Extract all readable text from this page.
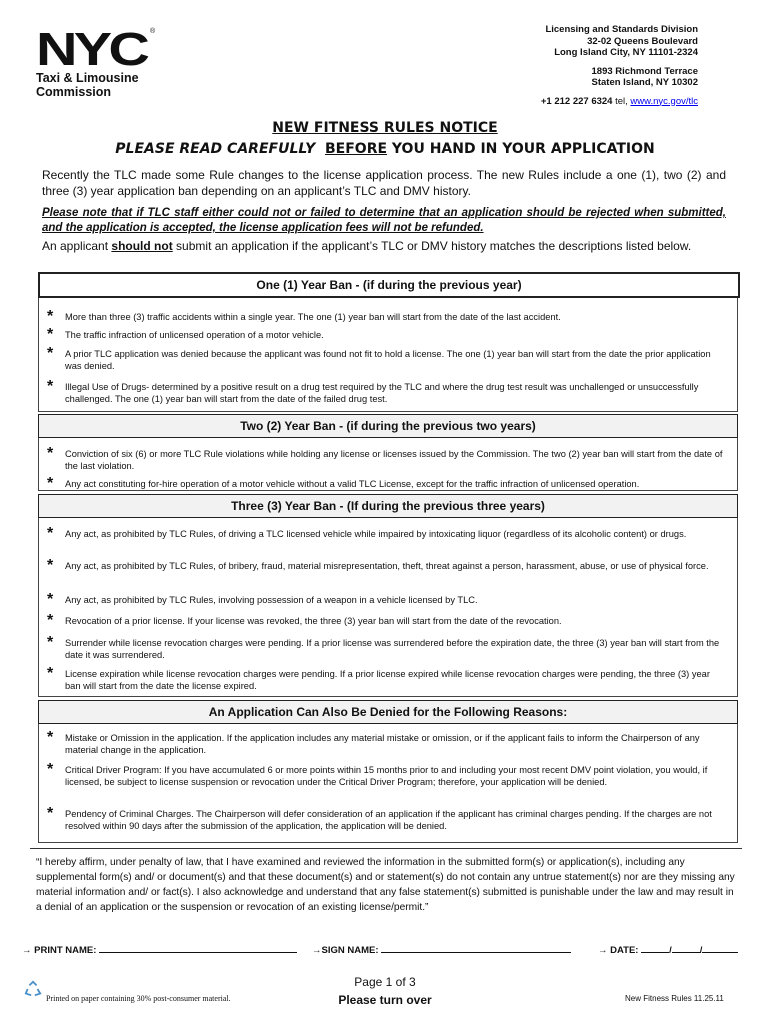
NYC ®
Taxi & Limousine
Commission
Licensing and Standards Division
32-02 Queens Boulevard
Long Island City, NY 11101-2324
1893 Richmond Terrace
Staten Island, NY 10302
+1 212 227 6324 tel, www.nyc.gov/tlc
NEW FITNESS RULES NOTICE
PLEASE READ CAREFULLY BEFORE YOU HAND IN YOUR APPLICATION
Recently the TLC made some Rule changes to the license application process. The new Rules include a one (1), two (2) and three (3) year application ban depending on an applicant’s TLC and DMV history.
Please note that if TLC staff either could not or failed to determine that an application should be rejected when submitted, and the application is accepted, the license application fees will not be refunded.
An applicant should not submit an application if the applicant’s TLC or DMV history matches the descriptions listed below.
One (1) Year Ban - (if during the previous year)
* More than three (3) traffic accidents within a single year. The one (1) year ban will start from the date of the last accident.
* The traffic infraction of unlicensed operation of a motor vehicle.
* A prior TLC application was denied because the applicant was found not fit to hold a license. The one (1) year ban will start from the date the prior application was denied.
* Illegal Use of Drugs- determined by a positive result on a drug test required by the TLC and where the drug test result was unchallenged or unsuccessfully challenged. The one (1) year ban will start from the date of the failed drug test.
Two (2) Year Ban - (if during the previous two years)
* Conviction of six (6) or more TLC Rule violations while holding any license or licenses issued by the Commission. The two (2) year ban will start from the date of the last violation.
* Any act constituting for-hire operation of a motor vehicle without a valid TLC License, except for the traffic infraction of unlicensed operation.
Three (3) Year Ban - (If during the previous three years)
* Any act, as prohibited by TLC Rules, of driving a TLC licensed vehicle while impaired by intoxicating liquor (regardless of its alcoholic content) or drugs.
* Any act, as prohibited by TLC Rules, of bribery, fraud, material misrepresentation, theft, threat against a person, harassment, abuse, or use of physical force.
* Any act, as prohibited by TLC Rules, involving possession of a weapon in a vehicle licensed by TLC.
* Revocation of a prior license. If your license was revoked, the three (3) year ban will start from the date of the revocation.
* Surrender while license revocation charges were pending. If a prior license was surrendered before the expiration date, the three (3) year ban will start from the date it was surrendered.
* License expiration while license revocation charges were pending. If a prior license expired while license revocation charges were pending, the three (3) year ban will start from the date the license expired.
An Application Can Also Be Denied for the Following Reasons:
* Mistake or Omission in the application. If the application includes any material mistake or omission, or if the applicant fails to inform the Chairperson of any material change in the application.
* Critical Driver Program: If you have accumulated 6 or more points within 15 months prior to and including your most recent DMV point violation, you would, if licensed, be subject to license suspension or revocation under the Critical Driver Program; therefore, your application will be denied.
* Pendency of Criminal Charges. The Chairperson will defer consideration of an application if the applicant has criminal charges pending. If the charges are not resolved within 90 days after the submission of the application, the application will be denied.
“I hereby affirm, under penalty of law, that I have examined and reviewed the information in the submitted form(s) or application(s), including any supplemental form(s) and/ or document(s) and that these document(s) and or statement(s) do not contain any untrue statement(s) nor are they missing any material information and/ or fact(s). I also acknowledge and understand that any false statement(s) submitted is punishable under the law and may result in a denial of an application or the suspension or revocation of an existing license/permit.”
→ PRINT NAME:	→SIGN NAME:	→ DATE:	/	/
Page 1 of 3
Please turn over
Printed on paper containing 30% post-consumer material.	New Fitness Rules 11.25.11
